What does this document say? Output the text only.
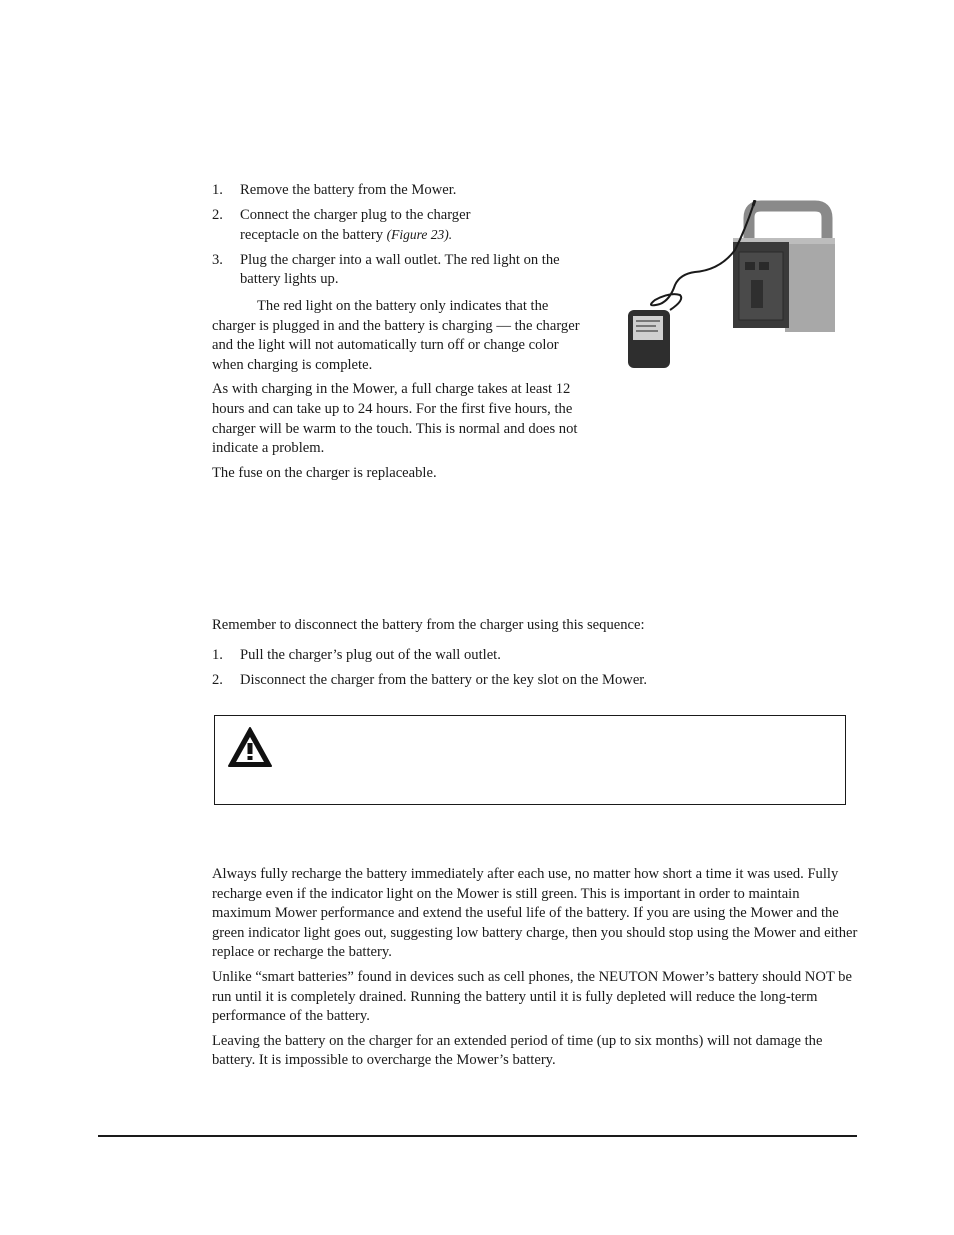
1. Remove the battery from the Mower.
2. Connect the charger plug to the charger receptacle on the battery (Figure 23).
3. Plug the charger into a wall outlet. The red light on the battery lights up.

The red light on the battery only indicates that the charger is plugged in and the battery is charging — the charger and the light will not automatically turn off or change color when charging is complete.

As with charging in the Mower, a full charge takes at least 12 hours and can take up to 24 hours. For the first five hours, the charger will be warm to the touch. This is normal and does not indicate a problem.

The fuse on the charger is replaceable.

Remember to disconnect the battery from the charger using this sequence:

1. Pull the charger’s plug out of the wall outlet.
2. Disconnect the charger from the battery or the key slot on the Mower.

Always fully recharge the battery immediately after each use, no matter how short a time it was used. Fully recharge even if the indicator light on the Mower is still green. This is important in order to maintain maximum Mower performance and extend the useful life of the battery. If you are using the Mower and the green indicator light goes out, suggesting low battery charge, then you should stop using the Mower and either replace or recharge the battery.

Unlike “smart batteries” found in devices such as cell phones, the NEUTON Mower’s battery should NOT be run until it is completely drained. Running the battery until it is fully depleted will reduce the long-term performance of the battery.

Leaving the battery on the charger for an extended period of time (up to six months) will not damage the battery. It is impossible to overcharge the Mower’s battery.
